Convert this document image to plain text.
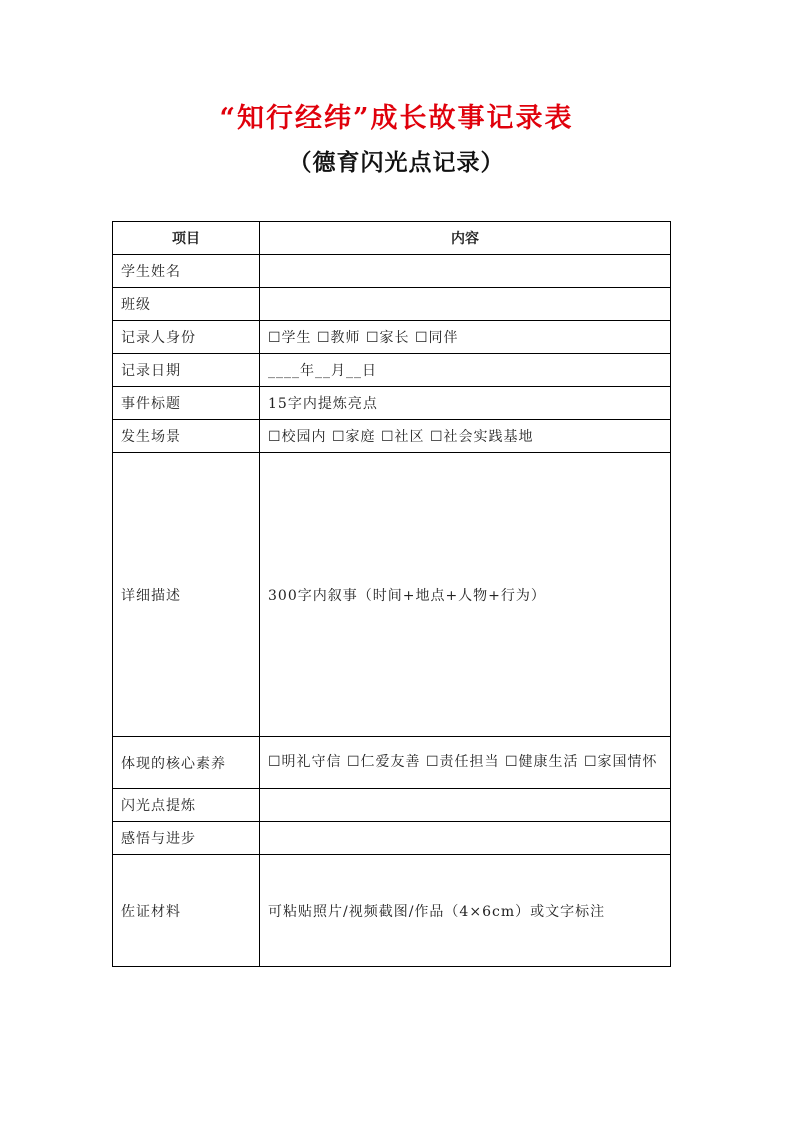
“知行经纬”成长故事记录表
（德育闪光点记录）
项目	内容
学生姓名	
班级	
记录人身份	☐学生 ☐教师 ☐家长 ☐同伴
记录日期	____年__月__日
事件标题	15字内提炼亮点
发生场景	☐校园内 ☐家庭 ☐社区 ☐社会实践基地
详细描述	300字内叙事（时间+地点+人物+行为）
体现的核心素养	☐明礼守信 ☐仁爱友善 ☐责任担当 ☐健康生活 ☐家国情怀
闪光点提炼	
感悟与进步	
佐证材料	可粘贴照片/视频截图/作品（4×6cm）或文字标注
